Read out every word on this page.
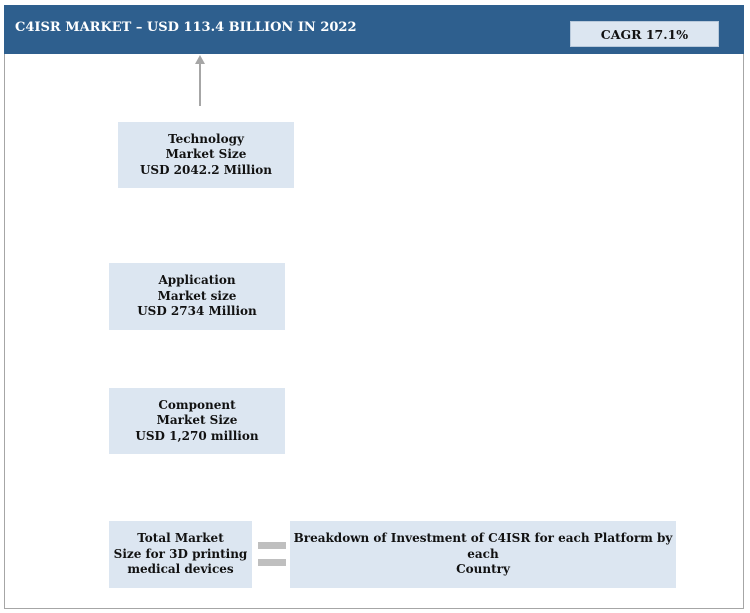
C4ISR MARKET – USD 113.4 BILLION IN 2022	CAGR 17.1%
Technology
Market Size
USD 2042.2 Million
Application
Market size
USD 2734 Million
Component
Market Size
USD 1,270 million
Total Market
Size for 3D printing
medical devices
Breakdown of Investment of C4ISR for each Platform by each
Country
